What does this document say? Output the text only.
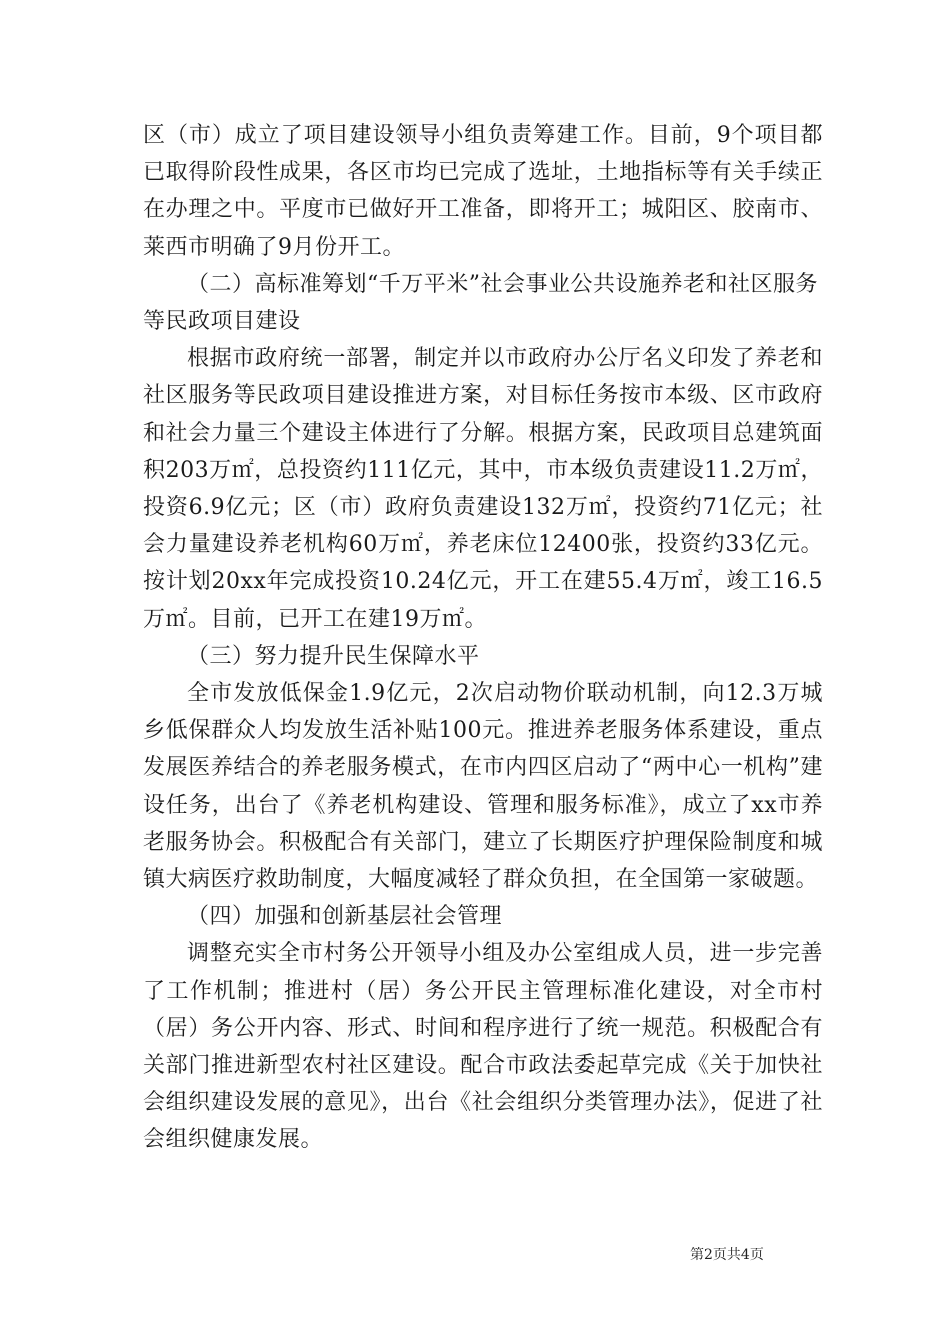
区（市）成立了项目建设领导小组负责筹建工作。目前，9个项目都已取得阶段性成果，各区市均已完成了选址，土地指标等有关手续正在办理之中。平度市已做好开工准备，即将开工；城阳区、胶南市、莱西市明确了9月份开工。

（二）高标准筹划“千万平米”社会事业公共设施养老和社区服务等民政项目建设

根据市政府统一部署，制定并以市政府办公厅名义印发了养老和社区服务等民政项目建设推进方案，对目标任务按市本级、区市政府和社会力量三个建设主体进行了分解。根据方案，民政项目总建筑面积203万㎡，总投资约111亿元，其中，市本级负责建设11.2万㎡，投资6.9亿元；区（市）政府负责建设132万㎡，投资约71亿元；社会力量建设养老机构60万㎡，养老床位12400张，投资约33亿元。按计划20xx年完成投资10.24亿元，开工在建55.4万㎡，竣工16.5万㎡。目前，已开工在建19万㎡。

（三）努力提升民生保障水平

全市发放低保金1.9亿元，2次启动物价联动机制，向12.3万城乡低保群众人均发放生活补贴100元。推进养老服务体系建设，重点发展医养结合的养老服务模式，在市内四区启动了“两中心一机构”建设任务，出台了《养老机构建设、管理和服务标准》，成立了xx市养老服务协会。积极配合有关部门，建立了长期医疗护理保险制度和城镇大病医疗救助制度，大幅度减轻了群众负担，在全国第一家破题。

（四）加强和创新基层社会管理

调整充实全市村务公开领导小组及办公室组成人员，进一步完善了工作机制；推进村（居）务公开民主管理标准化建设，对全市村（居）务公开内容、形式、时间和程序进行了统一规范。积极配合有关部门推进新型农村社区建设。配合市政法委起草完成《关于加快社会组织建设发展的意见》，出台《社会组织分类管理办法》，促进了社会组织健康发展。

第2页共4页
